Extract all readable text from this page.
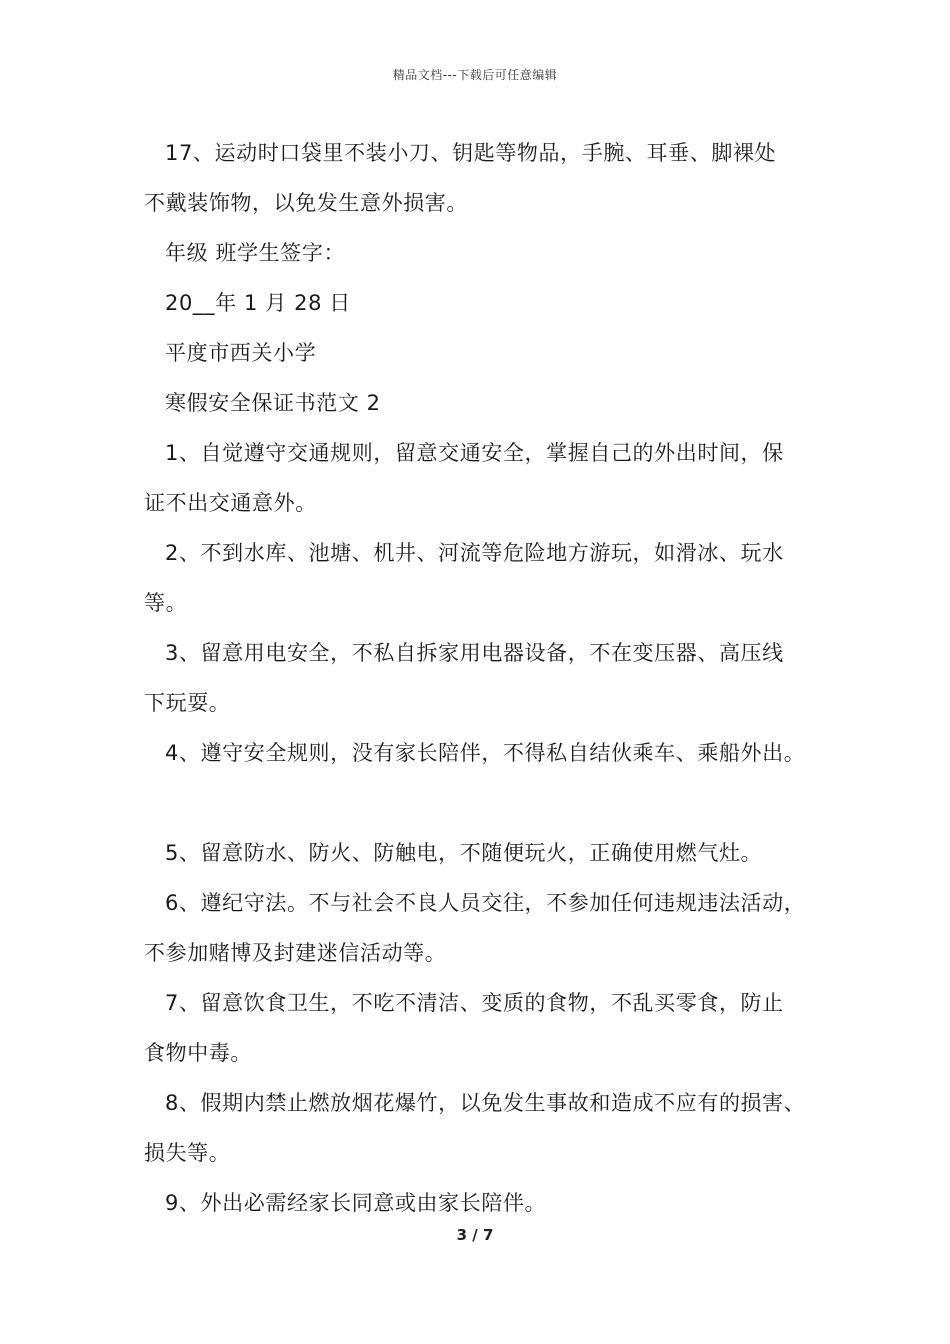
精品文档---下载后可任意编辑
17、运动时口袋里不装小刀、钥匙等物品，手腕、耳垂、脚裸处
不戴装饰物，以免发生意外损害。
年级 班学生签字：
20__年 1 月 28 日
平度市西关小学
寒假安全保证书范文 2
1、自觉遵守交通规则，留意交通安全，掌握自己的外出时间，保
证不出交通意外。
2、不到水库、池塘、机井、河流等危险地方游玩，如滑冰、玩水
等。
3、留意用电安全，不私自拆家用电器设备，不在变压器、高压线
下玩耍。
4、遵守安全规则，没有家长陪伴，不得私自结伙乘车、乘船外出。
5、留意防水、防火、防触电，不随便玩火，正确使用燃气灶。
6、遵纪守法。不与社会不良人员交往，不参加任何违规违法活动，
不参加赌博及封建迷信活动等。
7、留意饮食卫生，不吃不清洁、变质的食物，不乱买零食，防止
食物中毒。
8、假期内禁止燃放烟花爆竹，以免发生事故和造成不应有的损害、
损失等。
9、外出必需经家长同意或由家长陪伴。
3 / 7
